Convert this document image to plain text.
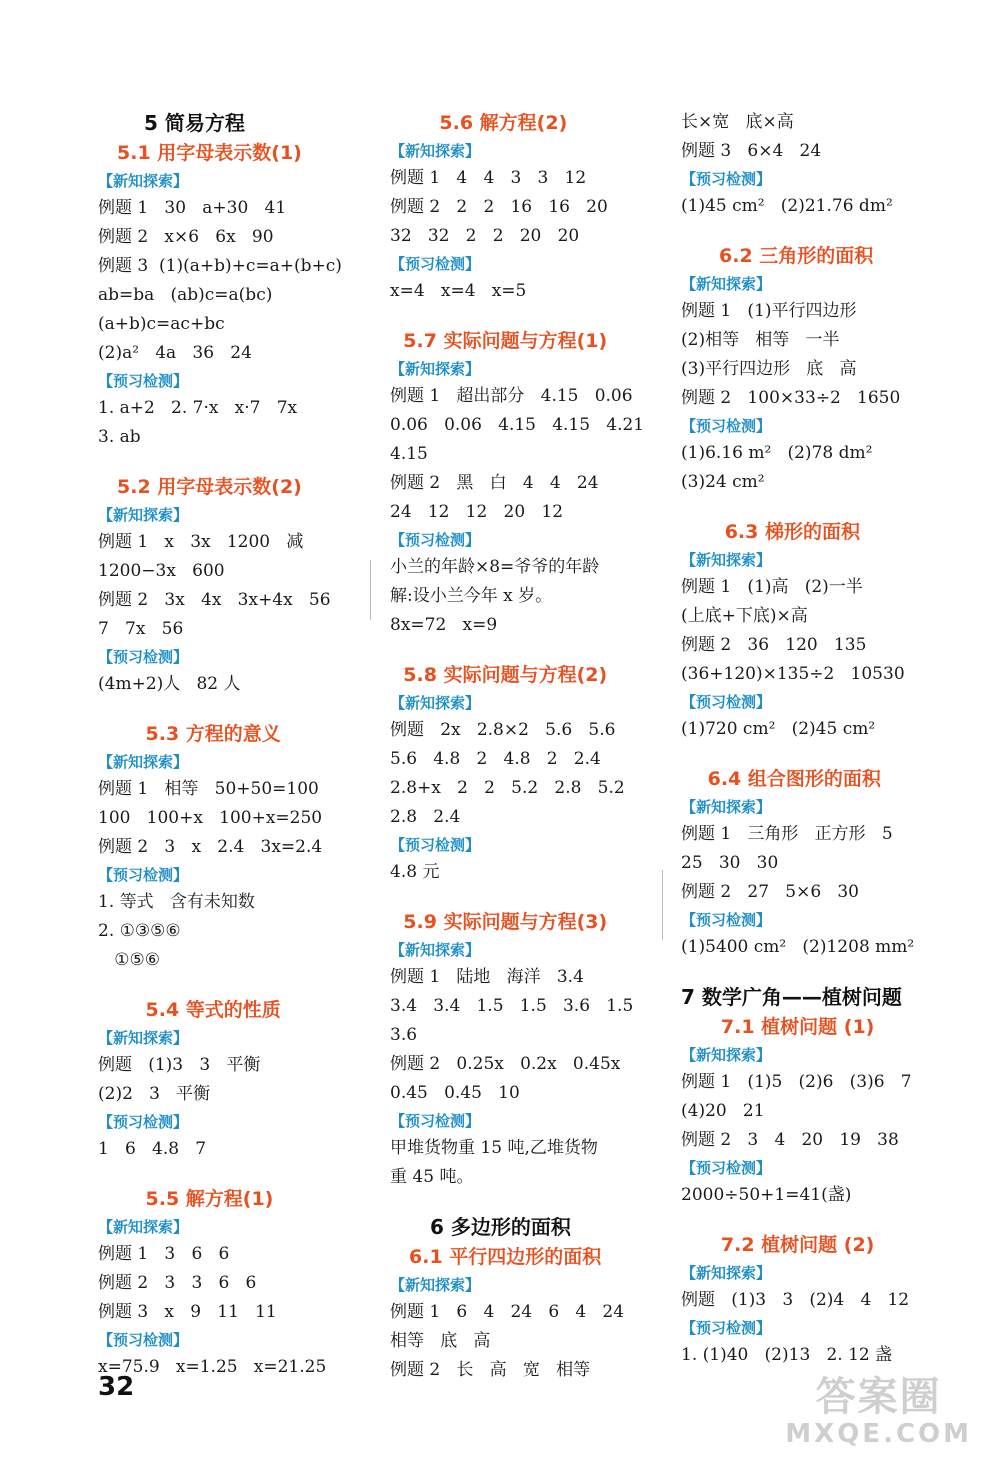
5 简易方程
5.1 用字母表示数(1)
【新知探索】
例题 1   30   a+30   41
例题 2   x×6   6x   90
例题 3  (1)(a+b)+c=a+(b+c)
ab=ba   (ab)c=a(bc)
(a+b)c=ac+bc
(2)a²   4a   36   24
【预习检测】
1. a+2   2. 7·x   x·7   7x
3. ab
5.2 用字母表示数(2)
【新知探索】
例题 1   x   3x   1200   减
1200−3x   600
例题 2   3x   4x   3x+4x   56
7   7x   56
【预习检测】
(4m+2)人   82 人
5.3 方程的意义
【新知探索】
例题 1   相等   50+50=100
100   100+x   100+x=250
例题 2   3   x   2.4   3x=2.4
【预习检测】
1. 等式   含有未知数
2. ①③⑤⑥
①⑤⑥
5.4 等式的性质
【新知探索】
例题   (1)3   3   平衡
(2)2   3   平衡
【预习检测】
1   6   4.8   7
5.5 解方程(1)
【新知探索】
例题 1   3   6   6
例题 2   3   3   6   6
例题 3   x   9   11   11
【预习检测】
x=75.9   x=1.25   x=21.25
5.6 解方程(2)
【新知探索】
例题 1   4   4   3   3   12
例题 2   2   2   16   16   20
32   32   2   2   20   20
【预习检测】
x=4   x=4   x=5
5.7 实际问题与方程(1)
【新知探索】
例题 1   超出部分   4.15   0.06
0.06   0.06   4.15   4.15   4.21
4.15
例题 2   黑   白   4   4   24
24   12   12   20   12
【预习检测】
小兰的年龄×8=爷爷的年龄
解:设小兰今年 x 岁。
8x=72   x=9
5.8 实际问题与方程(2)
【新知探索】
例题   2x   2.8×2   5.6   5.6
5.6   4.8   2   4.8   2   2.4
2.8+x   2   2   5.2   2.8   5.2
2.8   2.4
【预习检测】
4.8 元
5.9 实际问题与方程(3)
【新知探索】
例题 1   陆地   海洋   3.4
3.4   3.4   1.5   1.5   3.6   1.5
3.6
例题 2   0.25x   0.2x   0.45x
0.45   0.45   10
【预习检测】
甲堆货物重 15 吨,乙堆货物
重 45 吨。
6 多边形的面积
6.1 平行四边形的面积
【新知探索】
例题 1   6   4   24   6   4   24
相等   底   高
例题 2   长   高   宽   相等
长×宽   底×高
例题 3   6×4   24
【预习检测】
(1)45 cm²   (2)21.76 dm²
6.2 三角形的面积
【新知探索】
例题 1   (1)平行四边形
(2)相等   相等   一半
(3)平行四边形   底   高
例题 2   100×33÷2   1650
【预习检测】
(1)6.16 m²   (2)78 dm²
(3)24 cm²
6.3 梯形的面积
【新知探索】
例题 1   (1)高   (2)一半
(上底+下底)×高
例题 2   36   120   135
(36+120)×135÷2   10530
【预习检测】
(1)720 cm²   (2)45 cm²
6.4 组合图形的面积
【新知探索】
例题 1   三角形   正方形   5
25   30   30
例题 2   27   5×6   30
【预习检测】
(1)5400 cm²   (2)1208 mm²
7 数学广角——植树问题
7.1 植树问题 (1)
【新知探索】
例题 1   (1)5   (2)6   (3)6   7
(4)20   21
例题 2   3   4   20   19   38
【预习检测】
2000÷50+1=41(盏)
7.2 植树问题 (2)
【新知探索】
例题   (1)3   3   (2)4   4   12
【预习检测】
1. (1)40   (2)13   2. 12 盏
32	答案圈
MXQE.COM
